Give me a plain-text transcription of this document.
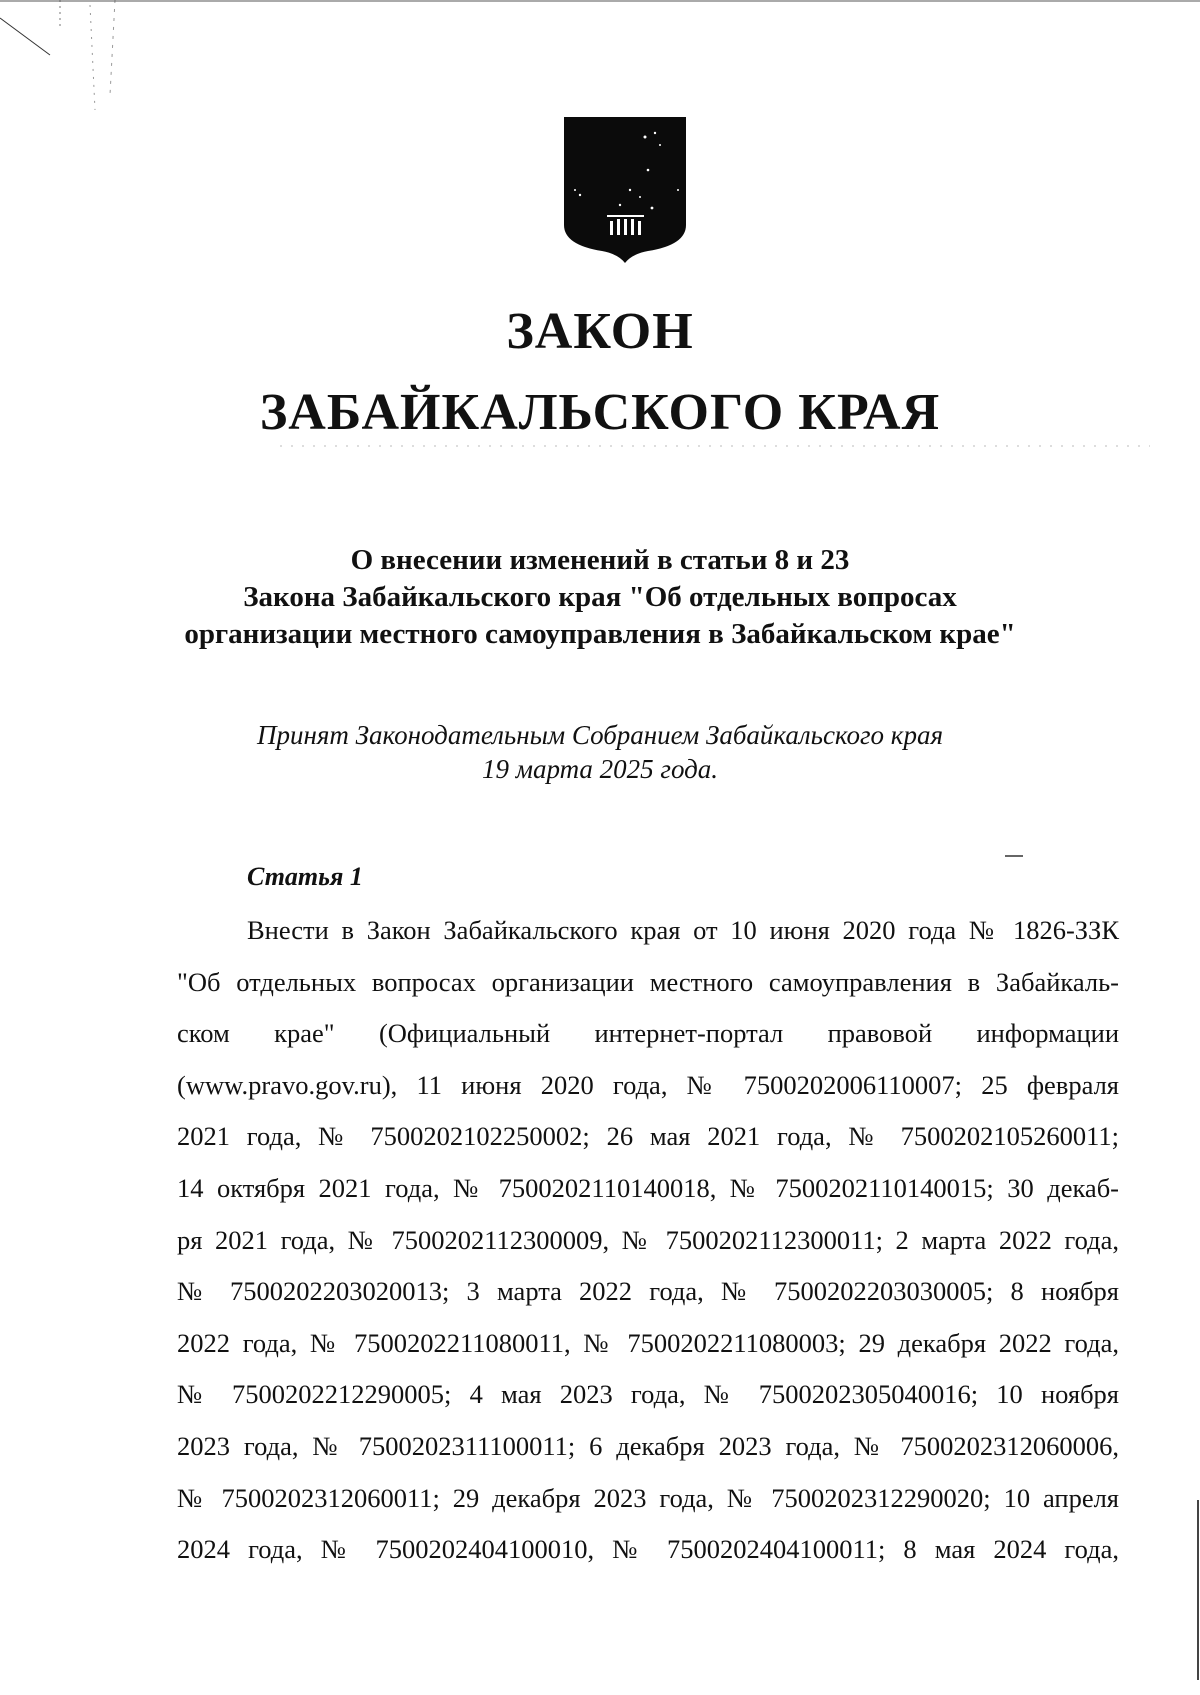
ЗАКОН
ЗАБАЙКАЛЬСКОГО КРАЯ
О внесении изменений в статьи 8 и 23
Закона Забайкальского края "Об отдельных вопросах
организации местного самоуправления в Забайкальском крае"
Принят Законодательным Собранием Забайкальского края
19 марта 2025 года.
Статья 1
Внести в Закон Забайкальского края от 10 июня 2020 года № 1826-ЗЗК
"Об отдельных вопросах организации местного самоуправления в Забайкаль-
ском крае" (Официальный интернет-портал правовой информации
(www.pravo.gov.ru), 11 июня 2020 года, № 7500202006110007; 25 февраля
2021 года, № 7500202102250002; 26 мая 2021 года, № 7500202105260011;
14 октября 2021 года, № 7500202110140018, № 7500202110140015; 30 декаб-
ря 2021 года, № 7500202112300009, № 7500202112300011; 2 марта 2022 года,
№ 7500202203020013; 3 марта 2022 года, № 7500202203030005; 8 ноября
2022 года, № 7500202211080011, № 7500202211080003; 29 декабря 2022 года,
№ 7500202212290005; 4 мая 2023 года, № 7500202305040016; 10 ноября
2023 года, № 7500202311100011; 6 декабря 2023 года, № 7500202312060006,
№ 7500202312060011; 29 декабря 2023 года, № 7500202312290020; 10 апреля
2024 года, № 7500202404100010, № 7500202404100011; 8 мая 2024 года,
